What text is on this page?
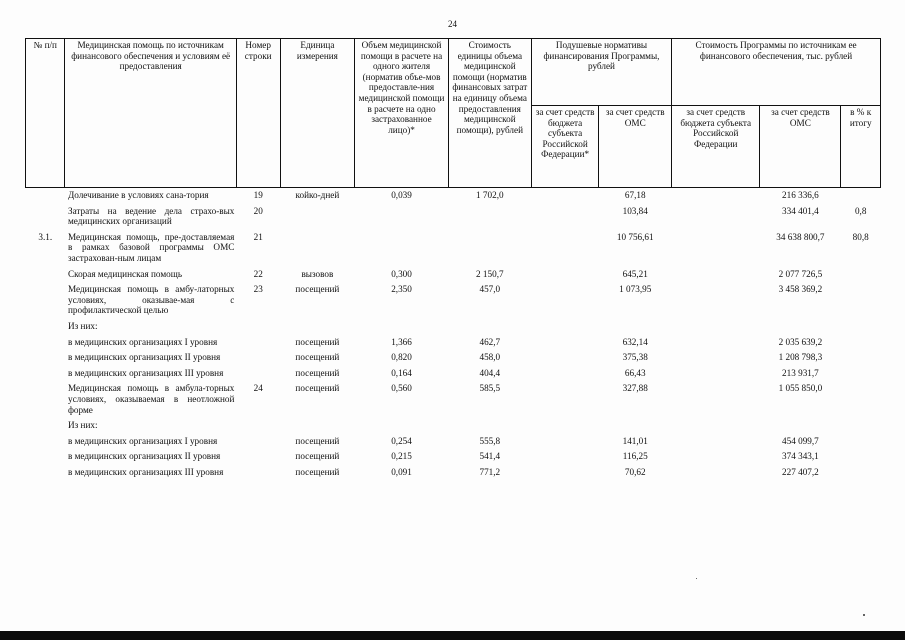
24
№ п/п	Медицинская помощь по источникам финансового обеспечения и условиям её предоставления	Номер строки	Единица измерения	Объем медицинской помощи в расчете на одного жителя (норматив объе-мов предоставле-ния медицинской помощи в расчете на одно застрахованное лицо)*	Стоимость единицы объема медицинской помощи (норматив финансовых затрат на единицу объема предоставления медицинской помощи), рублей	Подушевые нормативы финансирования Программы, рублей		Стоимость Программы по источникам ее финансового обеспечения, тыс. рублей		
						за счет средств бюджета субъекта Российской Федерации*	за счет средств ОМС	за счет средств бюджета субъекта Российской Федерации	за счет средств ОМС	в % к итогу
	Долечивание в условиях сана-тория	19	койко-дней	0,039	1 702,0		67,18		216 336,6	
	Затраты на ведение дела страхо-вых медицинских организаций	20					103,84		334 401,4	0,8
3.1.	Медицинская помощь, пре-доставляемая в рамках базовой программы ОМС застрахован-ным лицам	21					10 756,61		34 638 800,7	80,8
	Скорая медицинская помощь	22	вызовов	0,300	2 150,7		645,21		2 077 726,5	
	Медицинская помощь в амбу-латорных условиях, оказывае-мая с профилактической целью	23	посещений	2,350	457,0		1 073,95		3 458 369,2	
	Из них:									
	в медицинских организациях I уровня		посещений	1,366	462,7		632,14		2 035 639,2	
	в медицинских организациях II уровня		посещений	0,820	458,0		375,38		1 208 798,3	
	в медицинских организациях III уровня		посещений	0,164	404,4		66,43		213 931,7	
	Медицинская помощь в амбула-торных условиях, оказываемая в неотложной форме	24	посещений	0,560	585,5		327,88		1 055 850,0	
	Из них:									
	в медицинских организациях I уровня		посещений	0,254	555,8		141,01		454 099,7	
	в медицинских организациях II уровня		посещений	0,215	541,4		116,25		374 343,1	
	в медицинских организациях III уровня		посещений	0,091	771,2		70,62		227 407,2	
